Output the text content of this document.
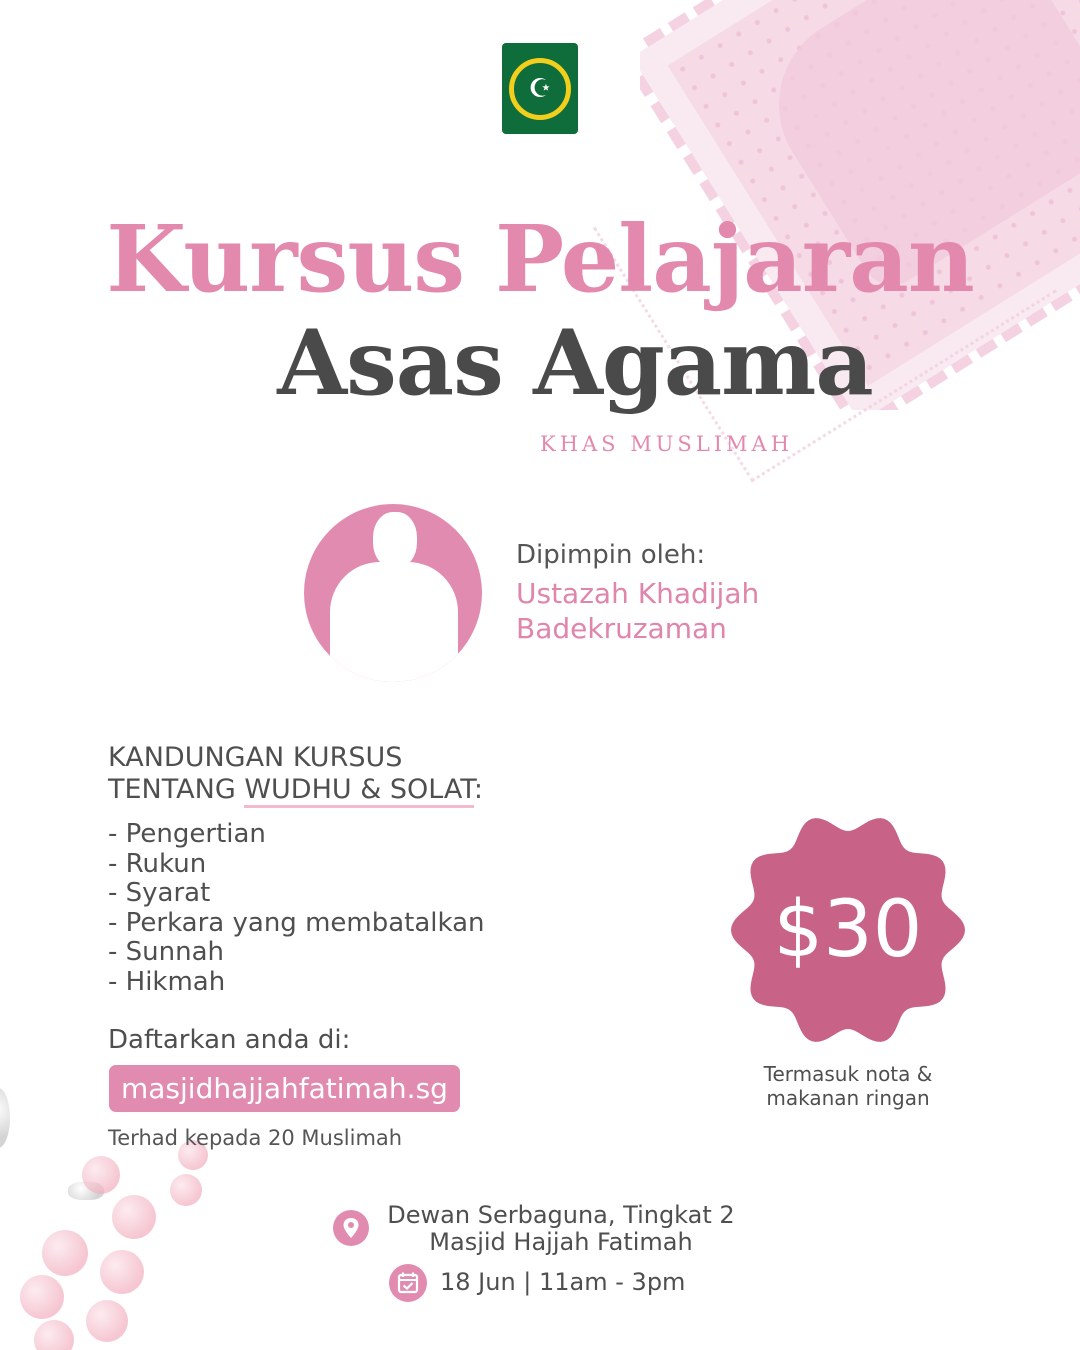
☪
Kursus Pelajaran
Asas Agama
KHAS MUSLIMAH
Dipimpin oleh:
Ustazah Khadijah
Badekruzaman
KANDUNGAN KURSUS
TENTANG WUDHU & SOLAT:
- Pengertian
- Rukun
- Syarat
- Perkara yang membatalkan
- Sunnah
- Hikmah
Daftarkan anda di:
masjidhajjahfatimah.sg
Terhad kepada 20 Muslimah
$30
Termasuk nota &
makanan ringan
Dewan Serbaguna, Tingkat 2
Masjid Hajjah Fatimah
18 Jun | 11am - 3pm
